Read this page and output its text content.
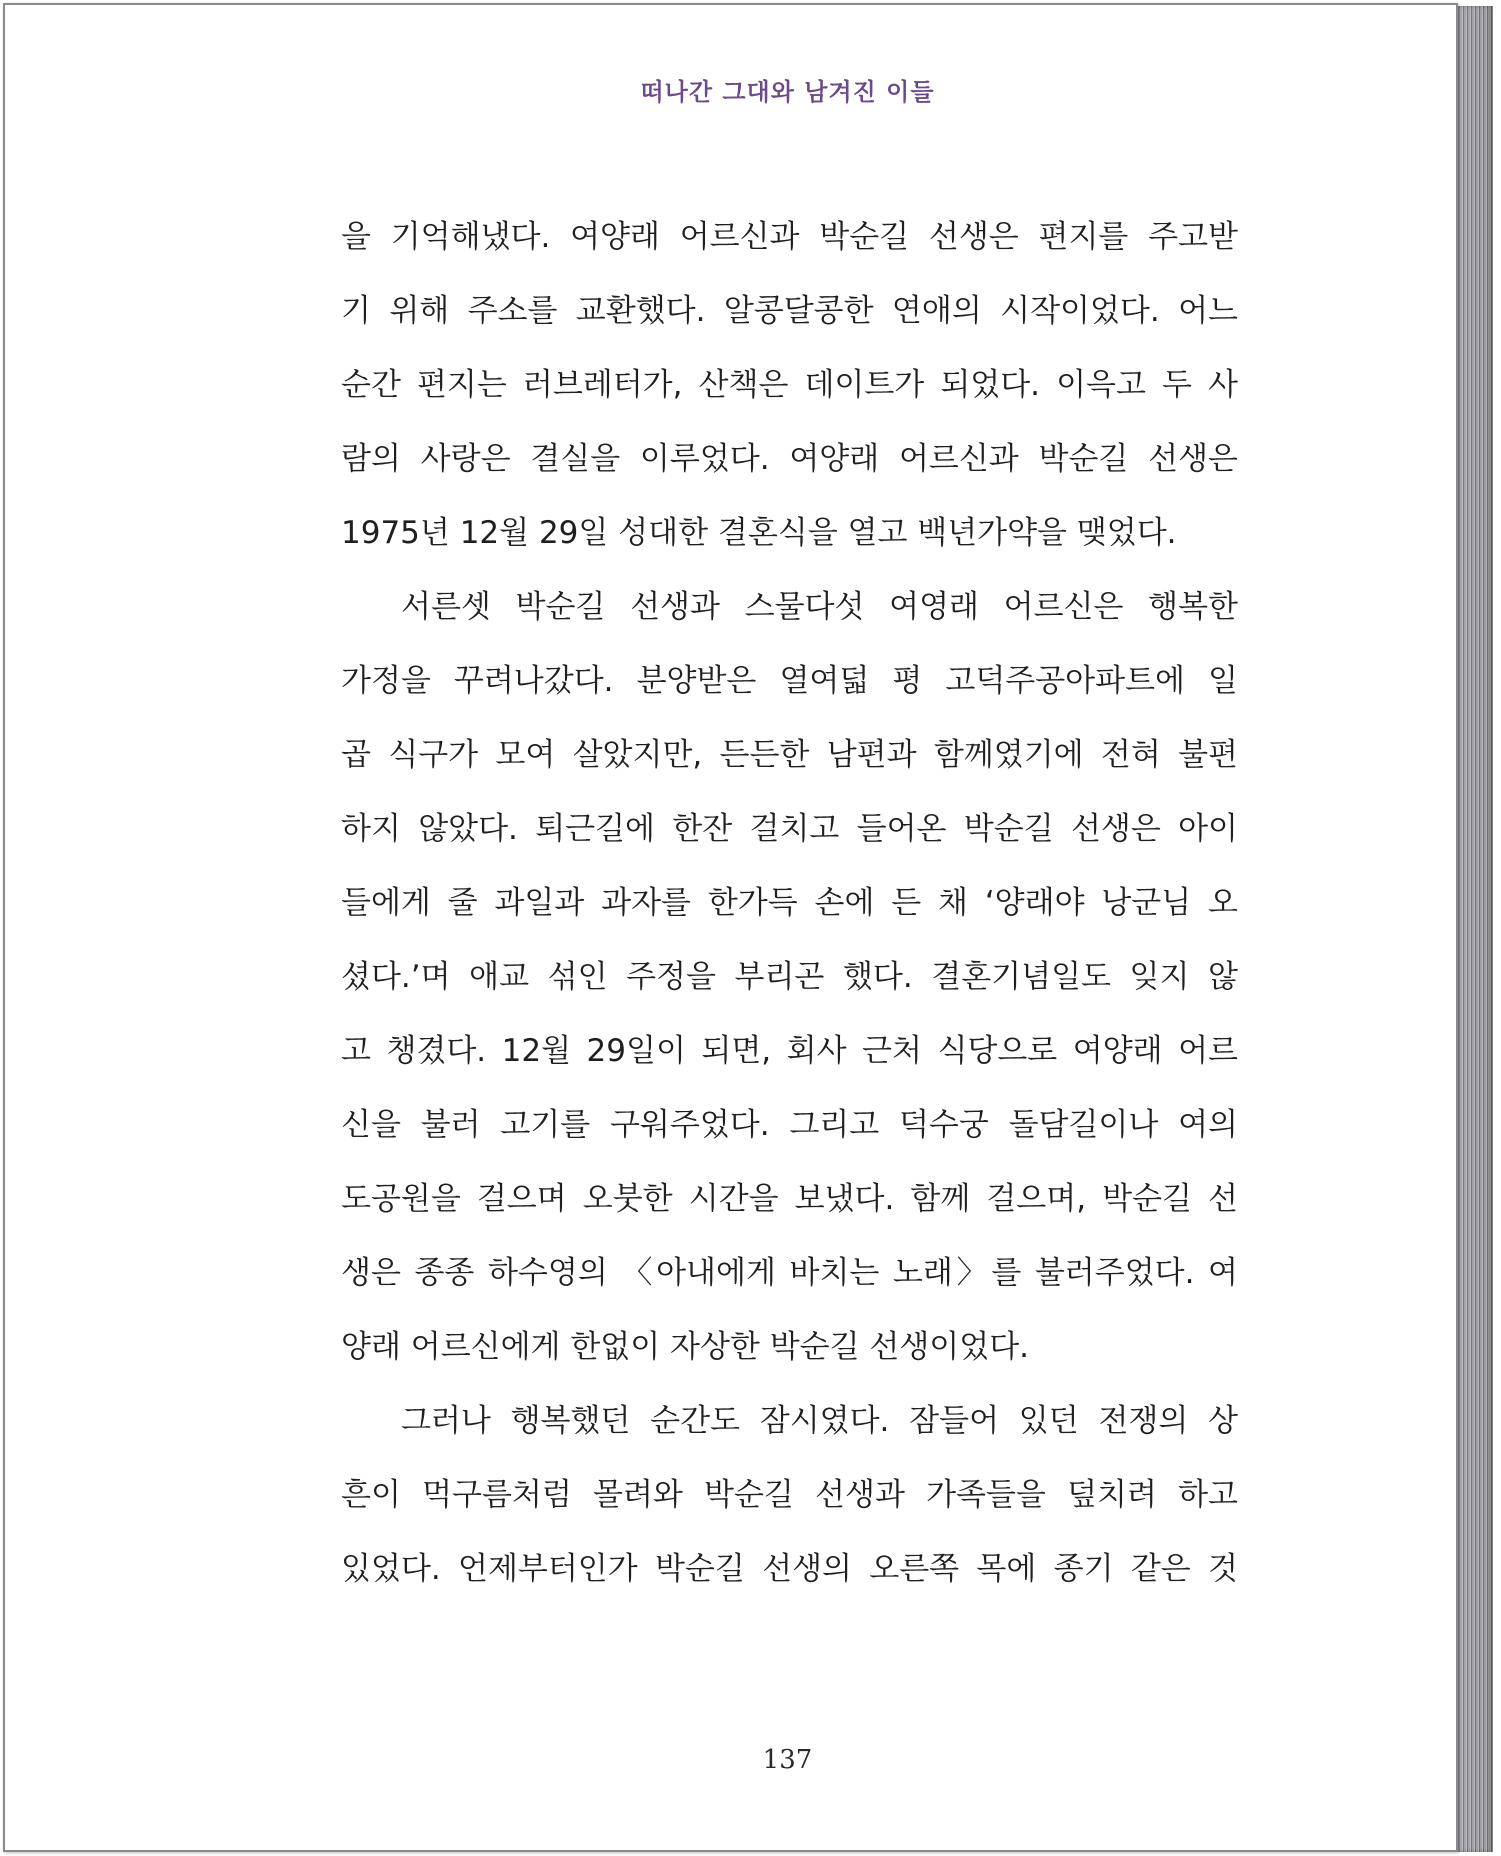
떠나간 그대와 남겨진 이들
을 기억해냈다. 여양래 어르신과 박순길 선생은 편지를 주고받
기 위해 주소를 교환했다. 알콩달콩한 연애의 시작이었다. 어느
순간 편지는 러브레터가, 산책은 데이트가 되었다. 이윽고 두 사
람의 사랑은 결실을 이루었다. 여양래 어르신과 박순길 선생은
1975년 12월 29일 성대한 결혼식을 열고 백년가약을 맺었다.
서른셋 박순길 선생과 스물다섯 여영래 어르신은 행복한
가정을 꾸려나갔다. 분양받은 열여덟 평 고덕주공아파트에 일
곱 식구가 모여 살았지만, 든든한 남편과 함께였기에 전혀 불편
하지 않았다. 퇴근길에 한잔 걸치고 들어온 박순길 선생은 아이
들에게 줄 과일과 과자를 한가득 손에 든 채 ‘양래야 낭군님 오
셨다.’며 애교 섞인 주정을 부리곤 했다. 결혼기념일도 잊지 않
고 챙겼다. 12월 29일이 되면, 회사 근처 식당으로 여양래 어르
신을 불러 고기를 구워주었다. 그리고 덕수궁 돌담길이나 여의
도공원을 걸으며 오붓한 시간을 보냈다. 함께 걸으며, 박순길 선
생은 종종 하수영의 〈아내에게 바치는 노래〉를 불러주었다. 여
양래 어르신에게 한없이 자상한 박순길 선생이었다.
그러나 행복했던 순간도 잠시였다. 잠들어 있던 전쟁의 상
흔이 먹구름처럼 몰려와 박순길 선생과 가족들을 덮치려 하고
있었다. 언제부터인가 박순길 선생의 오른쪽 목에 종기 같은 것
137
